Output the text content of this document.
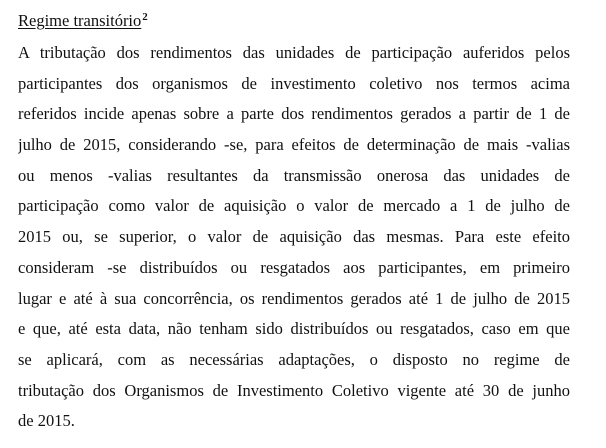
Regime transitório$^2$
A tributação dos rendimentos das unidades de participação auferidos pelos
participantes dos organismos de investimento coletivo nos termos acima
referidos incide apenas sobre a parte dos rendimentos gerados a partir de 1 de
julho de 2015, considerando -se, para efeitos de determinação de mais -valias
ou menos -valias resultantes da transmissão onerosa das unidades de
participação como valor de aquisição o valor de mercado a 1 de julho de
2015 ou, se superior, o valor de aquisição das mesmas. Para este efeito
consideram -se distribuídos ou resgatados aos participantes, em primeiro
lugar e até à sua concorrência, os rendimentos gerados até 1 de julho de 2015
e que, até esta data, não tenham sido distribuídos ou resgatados, caso em que
se aplicará, com as necessárias adaptações, o disposto no regime de
tributação dos Organismos de Investimento Coletivo vigente até 30 de junho
de 2015.
